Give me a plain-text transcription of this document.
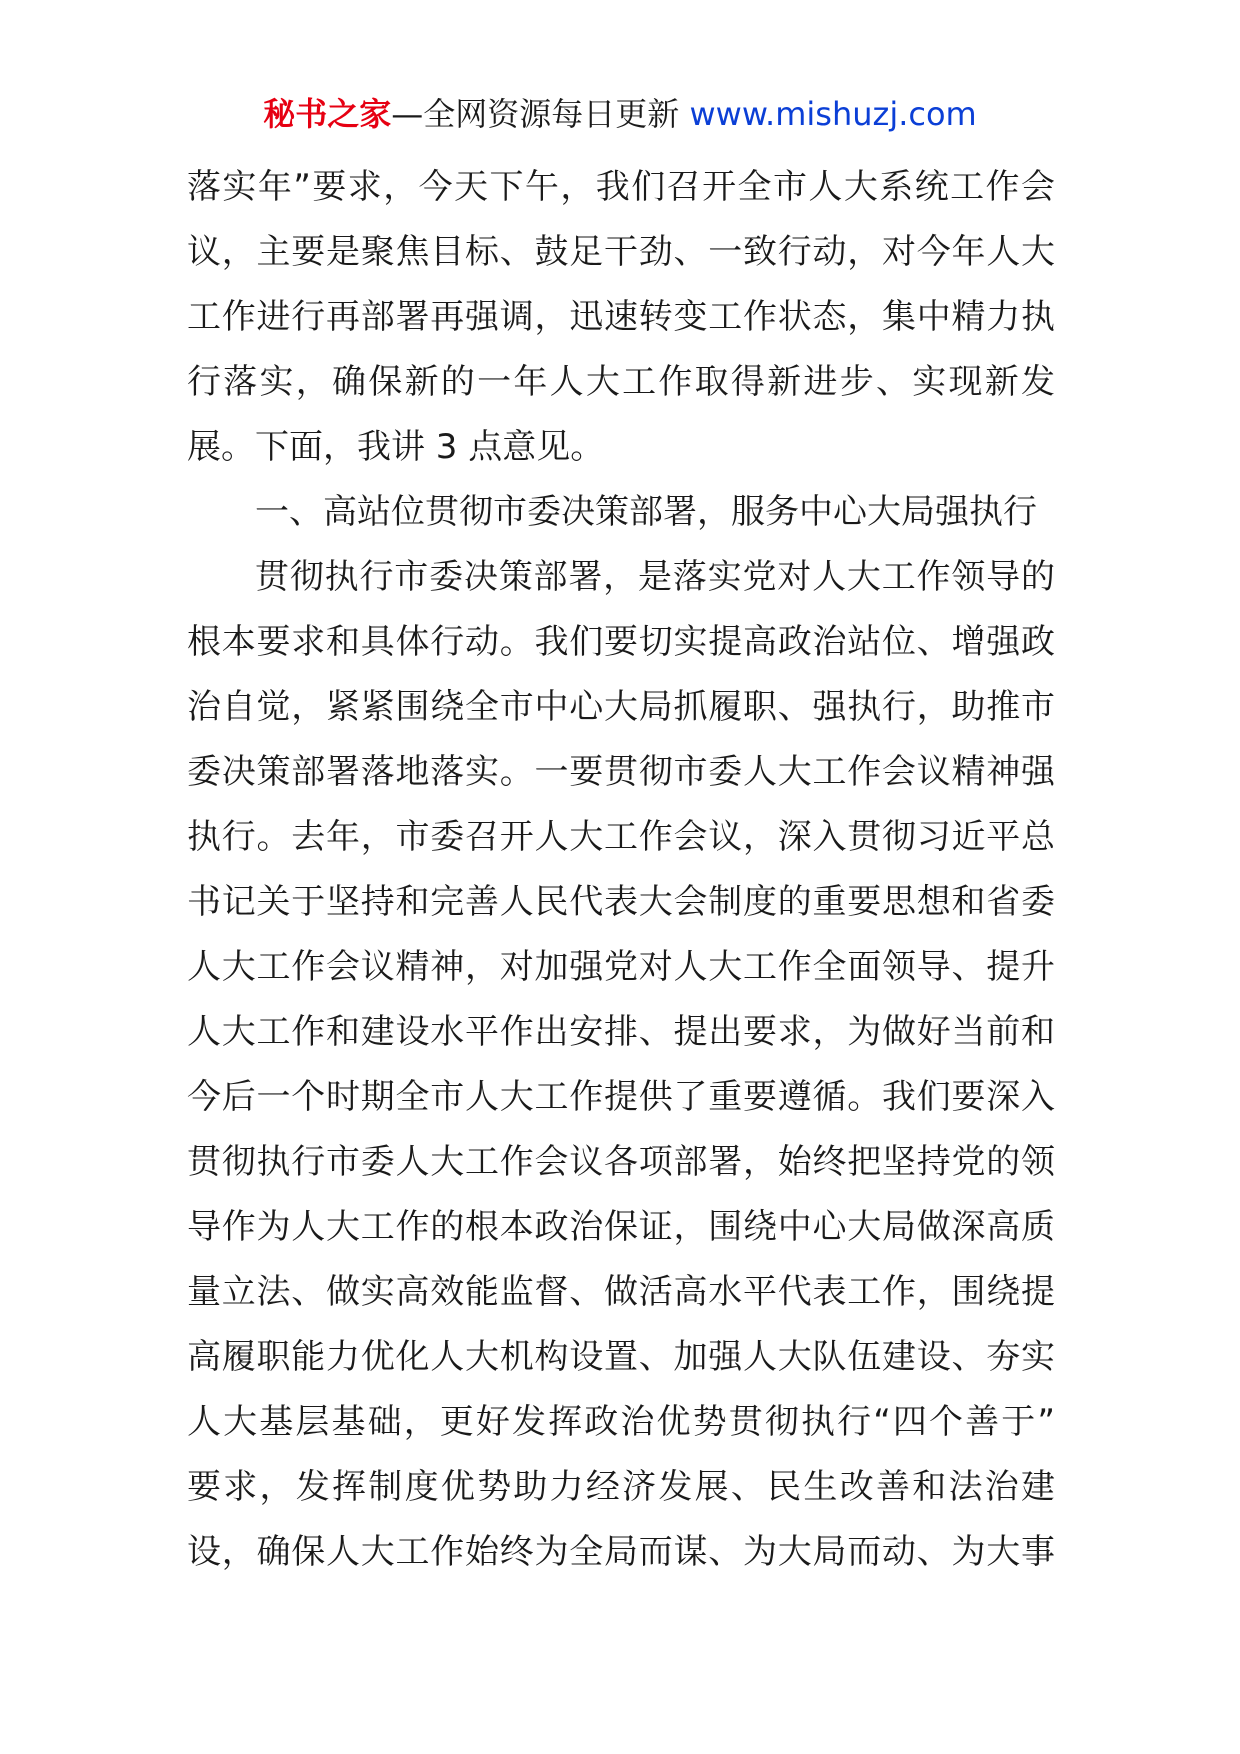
秘书之家—全网资源每日更新 www.mishuzj.com
落实年”要求，今天下午，我们召开全市人大系统工作会
议，主要是聚焦目标、鼓足干劲、一致行动，对今年人大
工作进行再部署再强调，迅速转变工作状态，集中精力执
行落实，确保新的一年人大工作取得新进步、实现新发
展。下面，我讲 3 点意见。
一、高站位贯彻市委决策部署，服务中心大局强执行
贯彻执行市委决策部署，是落实党对人大工作领导的
根本要求和具体行动。我们要切实提高政治站位、增强政
治自觉，紧紧围绕全市中心大局抓履职、强执行，助推市
委决策部署落地落实。一要贯彻市委人大工作会议精神强
执行。去年，市委召开人大工作会议，深入贯彻习近平总
书记关于坚持和完善人民代表大会制度的重要思想和省委
人大工作会议精神，对加强党对人大工作全面领导、提升
人大工作和建设水平作出安排、提出要求，为做好当前和
今后一个时期全市人大工作提供了重要遵循。我们要深入
贯彻执行市委人大工作会议各项部署，始终把坚持党的领
导作为人大工作的根本政治保证，围绕中心大局做深高质
量立法、做实高效能监督、做活高水平代表工作，围绕提
高履职能力优化人大机构设置、加强人大队伍建设、夯实
人大基层基础，更好发挥政治优势贯彻执行“四个善于”
要求，发挥制度优势助力经济发展、民生改善和法治建
设，确保人大工作始终为全局而谋、为大局而动、为大事
